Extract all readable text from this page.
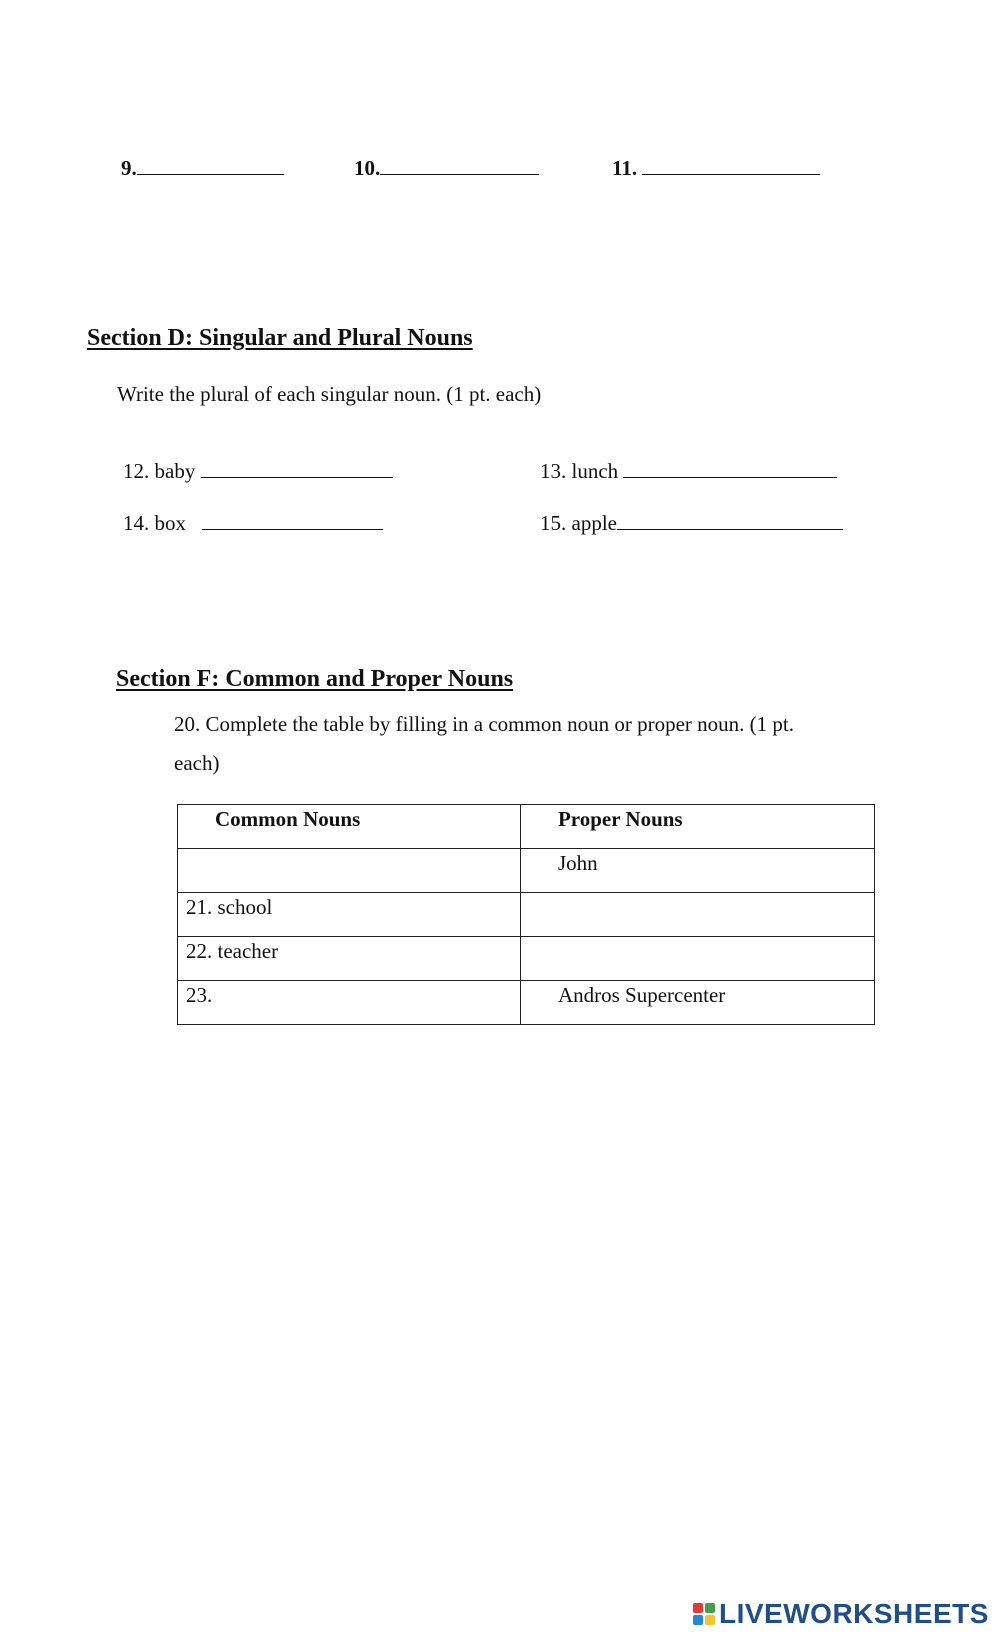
9.	10.	11.
Section D: Singular and Plural Nouns
Write the plural of each singular noun. (1 pt. each)
12. baby	13. lunch
14. box	15. apple
Section F: Common and Proper Nouns
20. Complete the table by filling in a common noun or proper noun. (1 pt.
each)
Common Nouns	Proper Nouns
	John
21. school	
22. teacher	
23.	Andros Supercenter
LIVEWORKSHEETS
